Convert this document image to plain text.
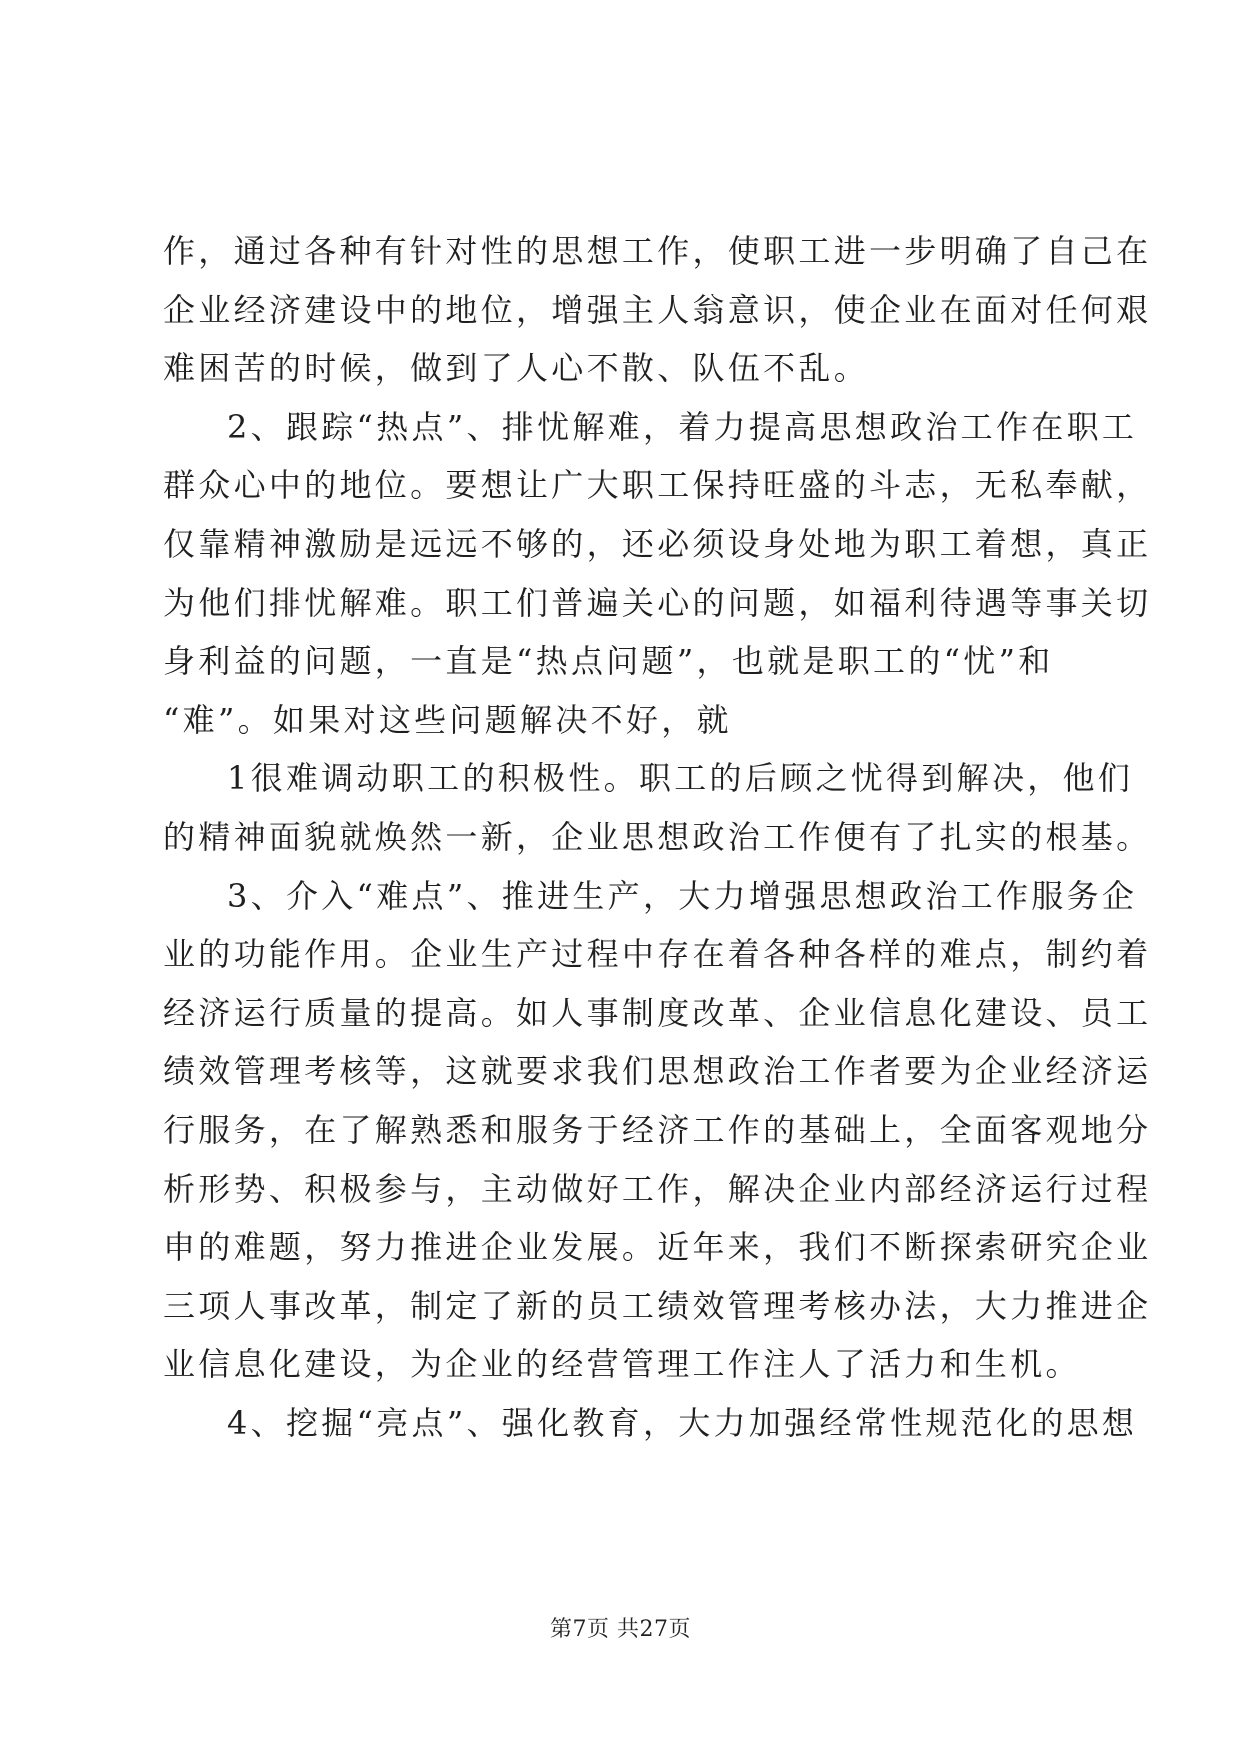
作，通过各种有针对性的思想工作，使职工进一步明确了自己在
企业经济建设中的地位，增强主人翁意识，使企业在面对任何艰
难困苦的时候，做到了人心不散、队伍不乱。
2、跟踪“热点”、排忧解难，着力提高思想政治工作在职工
群众心中的地位。要想让广大职工保持旺盛的斗志，无私奉献，
仅靠精神激励是远远不够的，还必须设身处地为职工着想，真正
为他们排忧解难。职工们普遍关心的问题，如福利待遇等事关切
身利益的问题，一直是“热点问题”，也就是职工的“忧”和
“难”。如果对这些问题解决不好，就
1很难调动职工的积极性。职工的后顾之忧得到解决，他们
的精神面貌就焕然一新，企业思想政治工作便有了扎实的根基。
3、介入“难点”、推进生产，大力增强思想政治工作服务企
业的功能作用。企业生产过程中存在着各种各样的难点，制约着
经济运行质量的提高。如人事制度改革、企业信息化建设、员工
绩效管理考核等，这就要求我们思想政治工作者要为企业经济运
行服务，在了解熟悉和服务于经济工作的基础上，全面客观地分
析形势、积极参与，主动做好工作，解决企业内部经济运行过程
申的难题，努力推进企业发展。近年来，我们不断探索研究企业
三项人事改革，制定了新的员工绩效管理考核办法，大力推进企
业信息化建设，为企业的经营管理工作注人了活力和生机。
4、挖掘“亮点”、强化教育，大力加强经常性规范化的思想
第7页 共27页
